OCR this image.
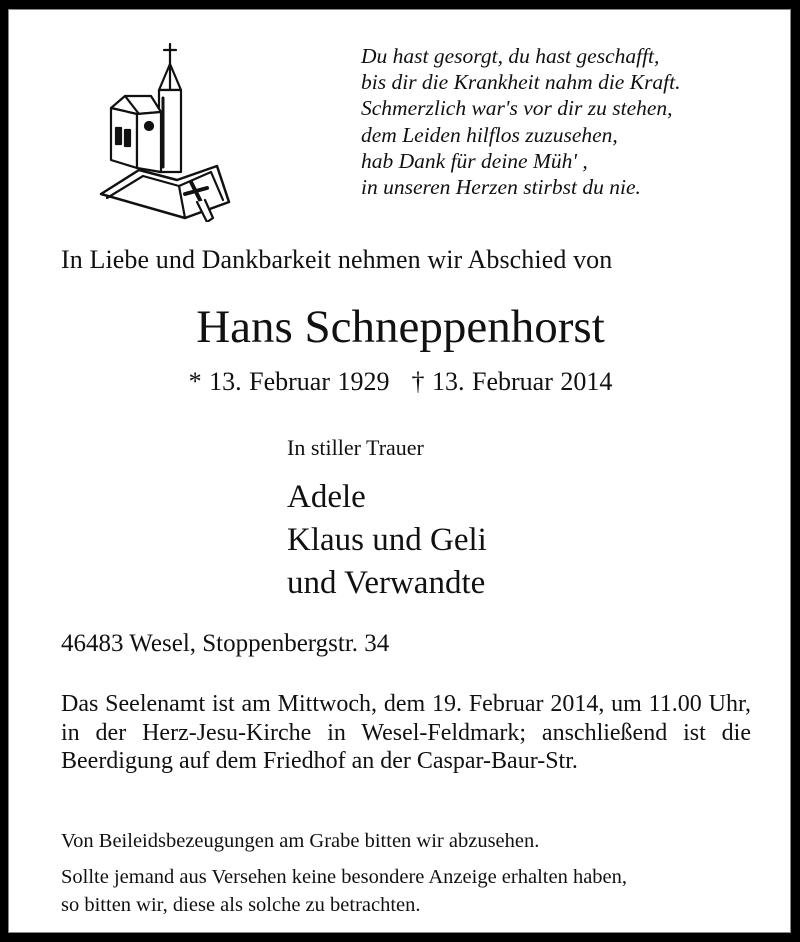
Du hast gesorgt, du hast geschafft,
bis dir die Krankheit nahm die Kraft.
Schmerzlich war's vor dir zu stehen,
dem Leiden hilflos zuzusehen,
hab Dank für deine Müh' ,
in unseren Herzen stirbst du nie.
In Liebe und Dankbarkeit nehmen wir Abschied von
Hans Schneppenhorst
* 13. Februar 1929 † 13. Februar 2014
In stiller Trauer
Adele
Klaus und Geli
und Verwandte
46483 Wesel, Stoppenbergstr. 34
Das Seelenamt ist am Mittwoch, dem 19. Februar 2014, um 11.00 Uhr, in der Herz-Jesu-Kirche in Wesel-Feldmark; anschließend ist die Beerdigung auf dem Friedhof an der Caspar-Baur-Str.
Von Beileidsbezeugungen am Grabe bitten wir abzusehen.
Sollte jemand aus Versehen keine besondere Anzeige erhalten haben,
so bitten wir, diese als solche zu betrachten.
